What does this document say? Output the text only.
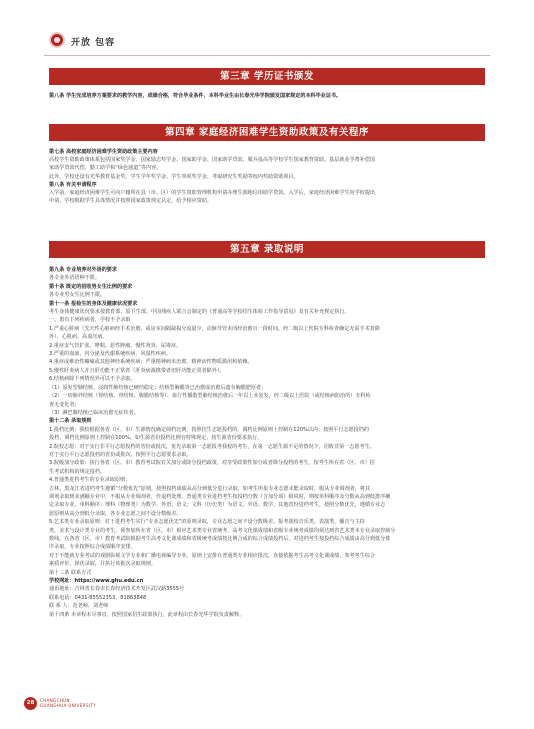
开放 包容
第三章 学历证书颁发
第八条 学生完成培养方案要求的教学内容，成绩合格，符合毕业条件，本科毕业生由长春光华学院颁发国家规定的本科毕业证书。
第四章 家庭经济困难学生资助政策及有关程序
第七条 高校家庭经济困难学生资助政策主要内容
高校学生资助政策体系包括国家奖学金、国家励志奖学金、国家助学金、国家助学贷款，服兵役高等学校学生国家教育资助、基层就业学费补偿国
家助学贷款代偿、勤工助学和“绿色通道”等内容。
此外，学校还设有光华教育基金奖、学生学年奖学金、学生单项奖学金、考取研究生奖励等校内奖助资助项目。
第八条 有关申请程序
入学前，家庭经济困难学生可向户籍所在县（市、区）的学生资助管理机构申请办理生源地信用助学贷款。入学后，家庭经济困难学生向学校提出
申请，学校根据学生具体情况并按照国家政策规定认定，给予相应资助。
第五章 录取说明
第九条 专业培养对外语的要求
各专业外语语种不限。
第十条 既定的招收男女生比例的要求
各专业男女生比例不限。
第十一条 报检生的身体及健康状况要求
考生身体健康状况要求按教育部、原卫生部、中国残疾人联合会制定的《普通高等学校招生体检工作指导意见》及有关补充规定执行。
一、患有下列疾病者，学校不予录取
1.严重心脏病（先天性心脏病经手术治愈，或房室间隔缺损分流量少，动脉导管未闭经治愈且一段时间，经二级以上医院专科检查确定无需手术者除
外）、心肌病、高血压病。
2.重症支气管扩张、哮喘、恶性肿瘤、慢性肾炎、尿毒症。
3.严重的血液、内分泌及代谢系统疾病、风湿性疾病。
4.重症或难治性癫痫或其他神经系统疾病；严重精神病未治愈、精神活性物质滥用和依赖。
5.慢性肝炎病人并且肝功能不正常者（肝炎病源携带者但肝功能正常者除外）。
6.结核病除下列情况外可以不予录取。
（1）原发型肺结核、浸润性肺结核已硬结稳定；结核型胸膜炎已治愈或治愈后遗有胸膜肥厚者；
（2）一切肺外结核（肾结核、骨结核、腹膜结核等）、血行性播散型肺结核治愈后一年以上未复发，经二级以上医院（或结核病防治所）专科检
查无变化者；
（3）淋巴腺结核已临床治愈无症状者。
第十二条 录取规则
1.投档比例：我校根据各省（区、市）生源情况确定调档比例，按照招生志愿投档的，调档比例原则上控制在120%以内；按照平行志愿投档的
投档，调档比例原则上控制在100%，如生源省份投档比例有特殊规定，按生源省份要求执行。
2.院校志愿：对于实行非平行志愿投档的省份或批次，优先录取第一志愿报考我校的考生，在第一志愿生源不足的情况下，招收非第一志愿考生。
对于实行平行志愿投档的省份或批次，按照平行志愿要求录取。
3.院级加分政策：执行各省（区、市）教育考试院有关加分或降分投档政策，对享受政策性加分或者降分投档的考生，按考生所在省（区、市）招
生考试机构的规定投档。
4.普通类进档考生的专业录取原则：
吉林、黑龙江省进档考生遵循“分数优先”原则，按照投档成绩从高分到低分进行录取，如考生所报专业志愿未能录取时，服从专业调剂者，将其
调剂录取到未满额专业中，不服从专业调剂者，作退档处理。普通类专业进档考生按投档分数（含加分项）相同时，则按单科顺序及分数从高到低排序确
定录取专业。单科顺序：理科（物理类）为数学、外语、语文；文科（历史类）为语文、外语、数学，其他省份进档考生，按照分数优先，遵循专业志
愿原则从高分到低分录取，各专业志愿之间不设分数级差。
5.艺术类专业录取原则：对于进档考生实行“专业志愿优先”的原则录取，专业志愿之间不设分数级差。报考我校音乐类、表演类、播音与主持
类、美术与设计类专业的考生，须参加所在省（区、市）相应艺术类专业省统考，高考文化课成绩和省级专业统考成绩均须达到省艺术类本专业录取控制分
数线。在各省（区、市）教育考试院根据考生高考文化课成绩和省级统考成绩按比例合成的综合成绩投档后，对进档考生按投档综合成绩由高分到低分排
序录取，专业按照综合成绩顺序安排。
对于不能就专业考试的戏剧影视文学专业和广播电视编导专业，原则上安排在普通类专业相应批次，直接依据考生高考文化课成绩，参考考生综合
素质评价，择优录取，并执行该批次录取规则。
第十三条 联系方式
学校网址：https://www.ghu.edu.cn
通讯地址：吉林省长春市长春经济技术开发区武汉路3555号
联系电话：0431-85552353、81863848
联 系 人：范老师、刘老师
第十四条 本章程未尽事宜，按照国家招生政策执行，此章程由长春光华学院负责解释。
28	CHANGCHUN
GUANGHUA UNIVERSITY
